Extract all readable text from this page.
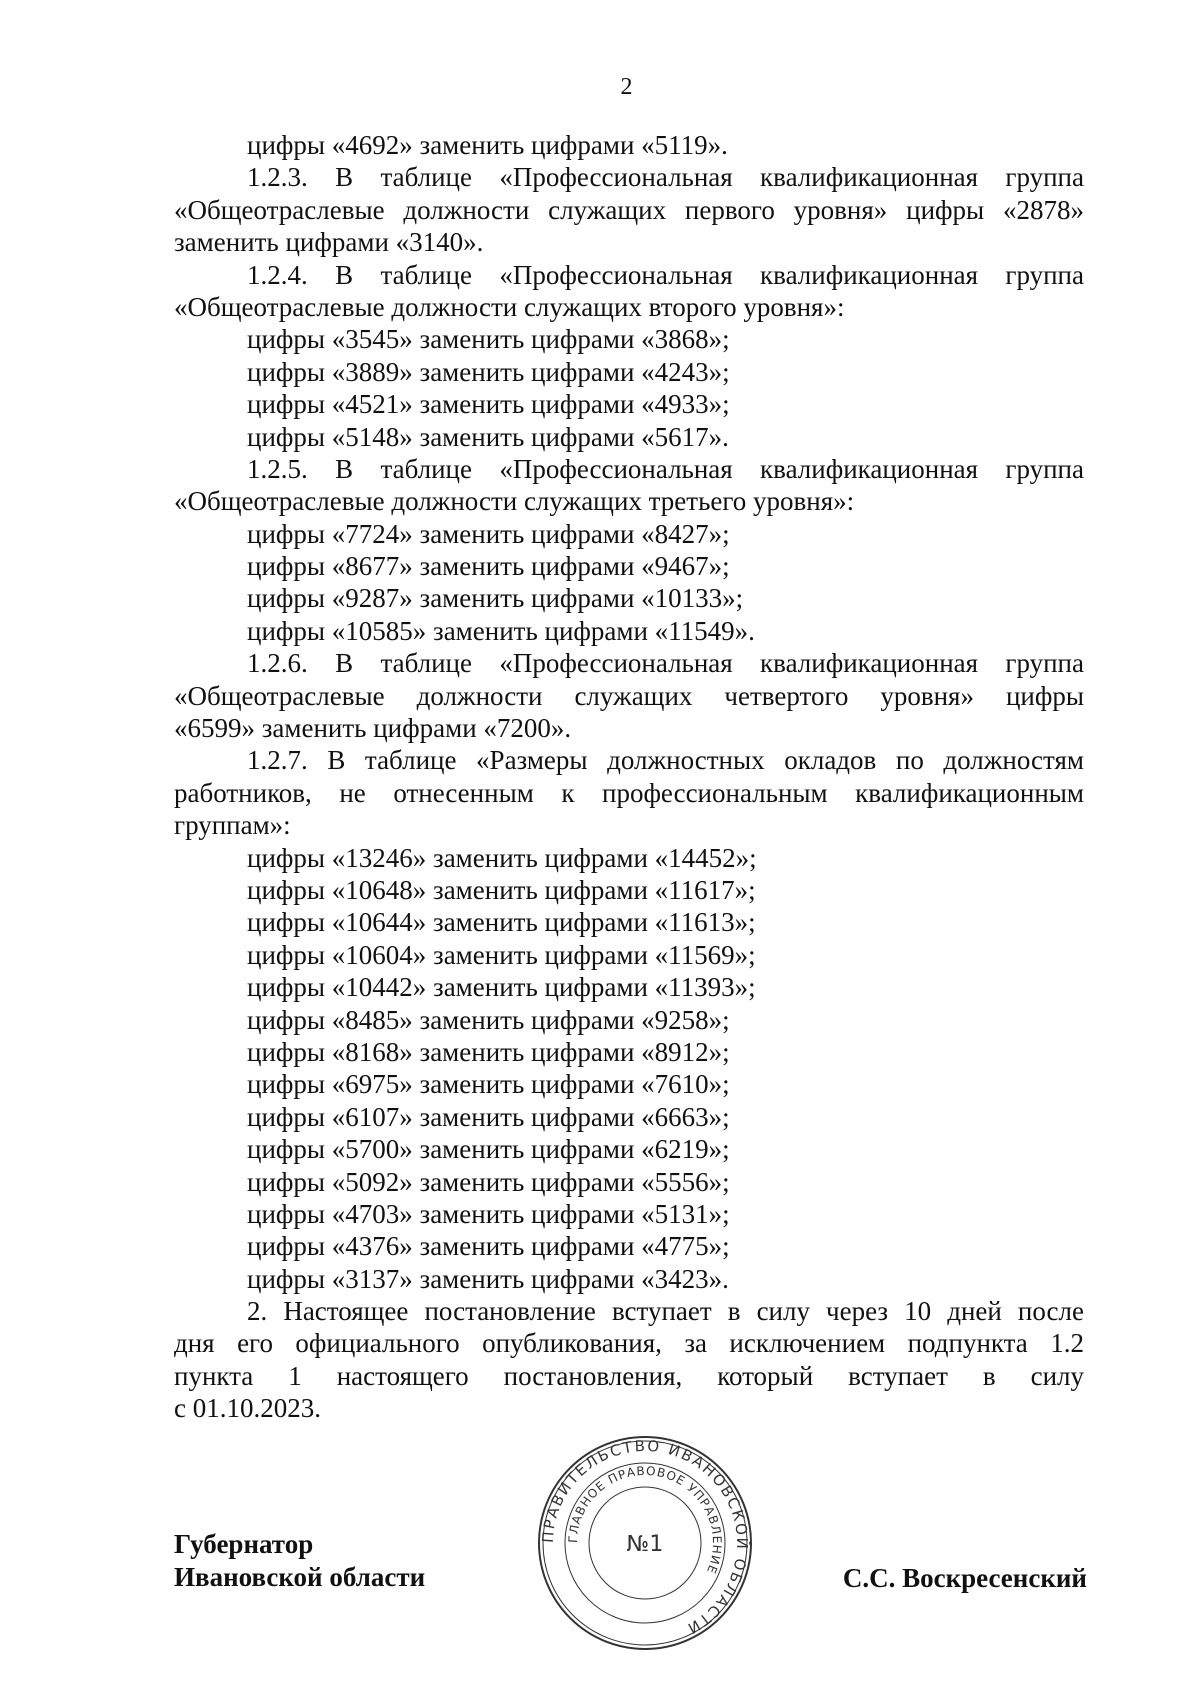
2
цифры «4692» заменить цифрами «5119».
1.2.3. В таблице «Профессиональная квалификационная группа
«Общеотраслевые должности служащих первого уровня» цифры «2878»
заменить цифрами «3140».
1.2.4. В таблице «Профессиональная квалификационная группа
«Общеотраслевые должности служащих второго уровня»:
цифры «3545» заменить цифрами «3868»;
цифры «3889» заменить цифрами «4243»;
цифры «4521» заменить цифрами «4933»;
цифры «5148» заменить цифрами «5617».
1.2.5. В таблице «Профессиональная квалификационная группа
«Общеотраслевые должности служащих третьего уровня»:
цифры «7724» заменить цифрами «8427»;
цифры «8677» заменить цифрами «9467»;
цифры «9287» заменить цифрами «10133»;
цифры «10585» заменить цифрами «11549».
1.2.6. В таблице «Профессиональная квалификационная группа
«Общеотраслевые должности служащих четвертого уровня» цифры
«6599» заменить цифрами «7200».
1.2.7. В таблице «Размеры должностных окладов по должностям
работников, не отнесенным к профессиональным квалификационным
группам»:
цифры «13246» заменить цифрами «14452»;
цифры «10648» заменить цифрами «11617»;
цифры «10644» заменить цифрами «11613»;
цифры «10604» заменить цифрами «11569»;
цифры «10442» заменить цифрами «11393»;
цифры «8485» заменить цифрами «9258»;
цифры «8168» заменить цифрами «8912»;
цифры «6975» заменить цифрами «7610»;
цифры «6107» заменить цифрами «6663»;
цифры «5700» заменить цифрами «6219»;
цифры «5092» заменить цифрами «5556»;
цифры «4703» заменить цифрами «5131»;
цифры «4376» заменить цифрами «4775»;
цифры «3137» заменить цифрами «3423».
2. Настоящее постановление вступает в силу через 10 дней после
дня его официального опубликования, за исключением подпункта 1.2
пункта 1 настоящего постановления, который вступает в силу
с 01.10.2023.
ПРАВИТЕЛЬСТВО ИВАНОВСКОЙ ОБЛАСТИ
ГЛАВНОЕ ПРАВОВОЕ УПРАВЛЕНИЕ
№1
Губернатор
Ивановской области	С.С. Воскресенский
